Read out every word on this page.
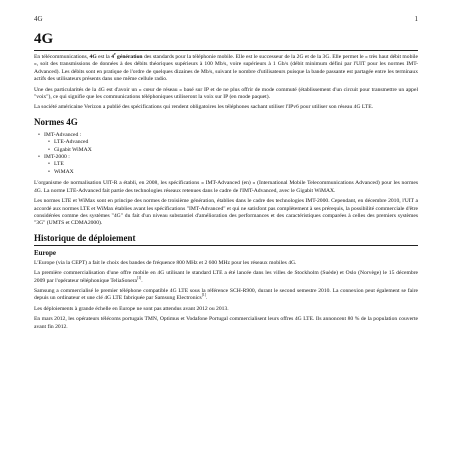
4G	1
4G

En télécommunications, 4G est la 4e génération des standards pour la téléphonie mobile. Elle est le successeur de la 2G et de la 3G. Elle permet le « très haut débit mobile », soit des transmissions de données à des débits théoriques supérieurs à 100 Mb/s, voire supérieurs à 1 Gb/s (débit minimum défini par l'UIT pour les normes IMT-Advanced). Les débits sont en pratique de l'ordre de quelques dizaines de Mb/s, suivant le nombre d'utilisateurs puisque la bande passante est partagée entre les terminaux actifs des utilisateurs présents dans une même cellule radio.

Une des particularités de la 4G est d'avoir un « cœur de réseau » basé sur IP et de ne plus offrir de mode commuté (établissement d'un circuit pour transmettre un appel "voix"), ce qui signifie que les communications téléphoniques utiliseront la voix sur IP (en mode paquet).

La société américaine Verizon a publié des spécifications qui rendent obligatoires les téléphones sachant utiliser l'IPv6 pour utiliser son réseau 4G LTE.

Normes 4G
• IMT-Advanced :
• LTE-Advanced
• Gigabit WiMAX
• IMT-2000 :
• LTE
• WiMAX

L'organisme de normalisation UIT-R a établi, en 2008, les spécifications « IMT-Advanced (en) » (International Mobile Telecommunications Advanced) pour les normes 4G. La norme LTE-Advanced fait partie des technologies réseaux retenues dans le cadre de l'IMT-Advanced, avec le Gigabit WiMAX.

Les normes LTE et WiMax sont en principe des normes de troisième génération, établies dans le cadre des technologies IMT-2000. Cependant, en décembre 2010, l'UIT a accordé aux normes LTE et WiMax établies avant les spécifications "IMT-Advanced" et qui ne satisfont pas complètement à ses prérequis, la possibilité commerciale d'être considérées comme des systèmes "4G" du fait d'un niveau substantiel d'amélioration des performances et des caractéristiques comparées à celles des premiers systèmes "3G" (UMTS et CDMA2000).

Historique de déploiement
Europe

L'Europe (via la CEPT) a fait le choix des bandes de fréquence 800 MHz et 2 600 MHz pour les réseaux mobiles 4G.

La première commercialisation d'une offre mobile en 4G utilisant le standard LTE a été lancée dans les villes de Stockholm (Suède) et Oslo (Norvège) le 15 décembre 2009 par l'opérateur téléphonique TeliaSonera[1].

Samsung a commercialisé le premier téléphone compatible 4G LTE sous la référence SCH-R900, durant le second semestre 2010. La connexion peut également se faire depuis un ordinateur et une clé 4G LTE fabriquée par Samsung Electronics[1].

Les déploiements à grande échelle en Europe ne sont pas attendus avant 2012 ou 2013.

En mars 2012, les opérateurs télécoms portugais TMN, Optimus et Vodafone Portugal commercialisent leurs offres 4G LTE. Ils annoncent 80 % de la population couverte avant fin 2012.
